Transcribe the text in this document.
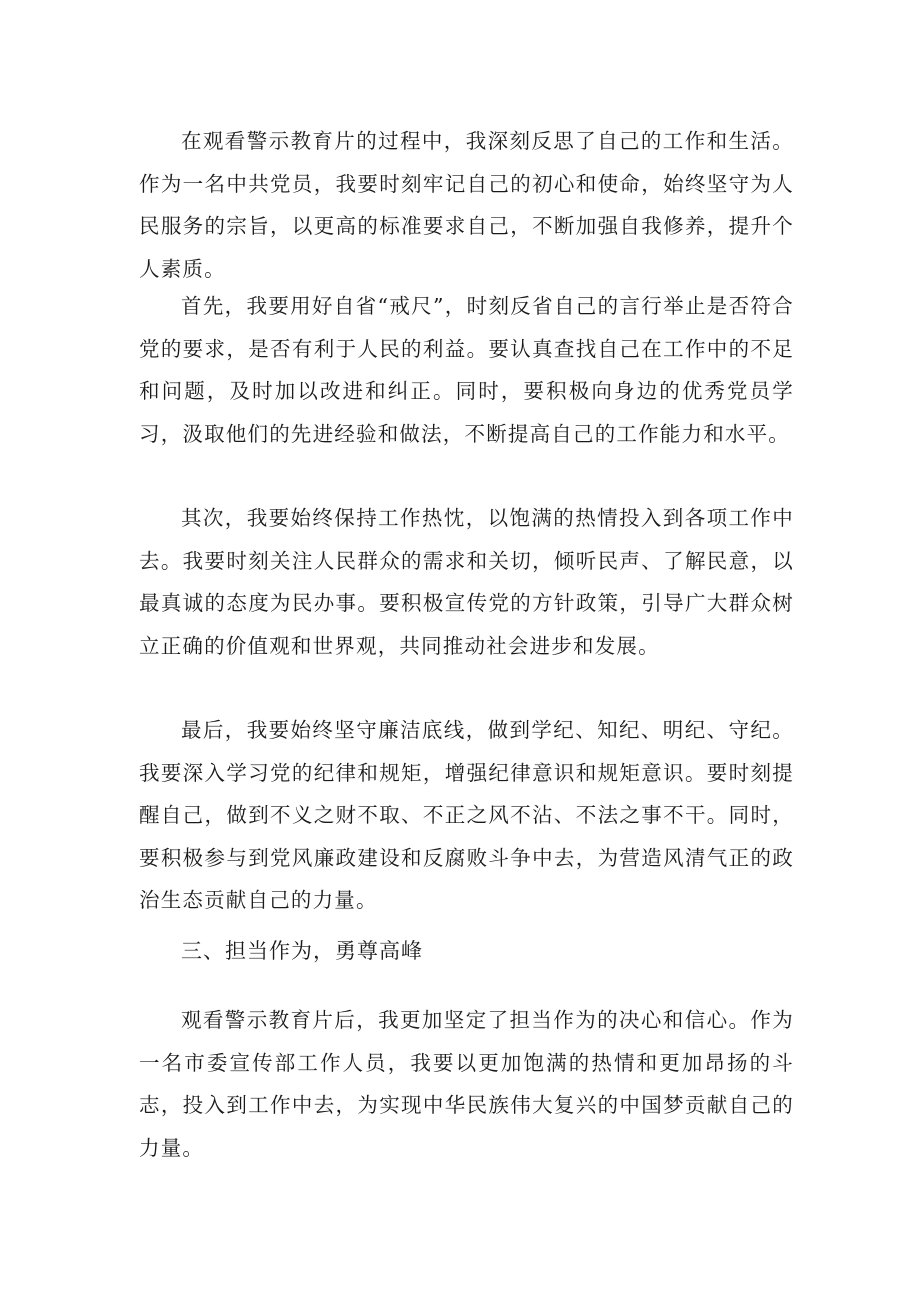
在观看警示教育片的过程中，我深刻反思了自己的工作和生活。作为一名中共党员，我要时刻牢记自己的初心和使命，始终坚守为人民服务的宗旨，以更高的标准要求自己，不断加强自我修养，提升个人素质。

首先，我要用好自省“戒尺”，时刻反省自己的言行举止是否符合党的要求，是否有利于人民的利益。要认真查找自己在工作中的不足和问题，及时加以改进和纠正。同时，要积极向身边的优秀党员学习，汲取他们的先进经验和做法，不断提高自己的工作能力和水平。

其次，我要始终保持工作热忱，以饱满的热情投入到各项工作中去。我要时刻关注人民群众的需求和关切，倾听民声、了解民意，以最真诚的态度为民办事。要积极宣传党的方针政策，引导广大群众树立正确的价值观和世界观，共同推动社会进步和发展。

最后，我要始终坚守廉洁底线，做到学纪、知纪、明纪、守纪。我要深入学习党的纪律和规矩，增强纪律意识和规矩意识。要时刻提醒自己，做到不义之财不取、不正之风不沾、不法之事不干。同时，要积极参与到党风廉政建设和反腐败斗争中去，为营造风清气正的政治生态贡献自己的力量。

三、担当作为，勇尊高峰

观看警示教育片后，我更加坚定了担当作为的决心和信心。作为一名市委宣传部工作人员，我要以更加饱满的热情和更加昂扬的斗志，投入到工作中去，为实现中华民族伟大复兴的中国梦贡献自己的力量。
